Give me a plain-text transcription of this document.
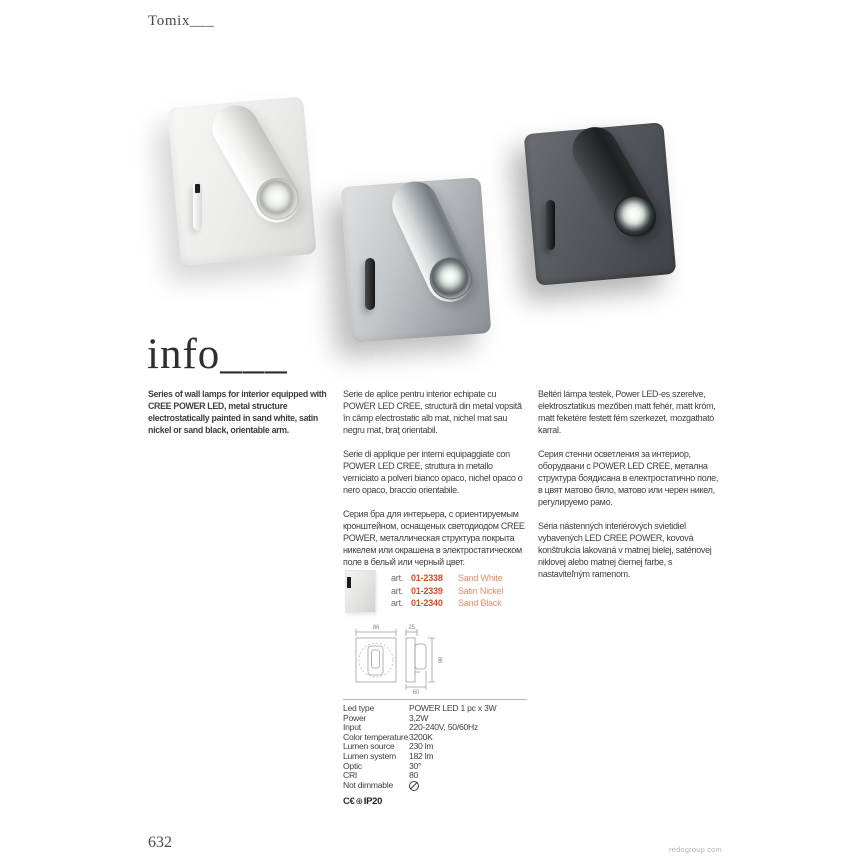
Tomix___
info___

Series of wall lamps for interior equipped with CREE POWER LED, metal structure electrostatically painted in sand white, satin nickel or sand black, orientable arm.

Serie de aplice pentru interior echipate cu POWER LED CREE, structură din metal vopsită în câmp electrostatic alb mat, nichel mat sau negru mat, braţ orientabil.

Serie di applique per interni equipaggiate con POWER LED CREE, struttura in metallo verniciato a polveri bianco opaco, nichel opaco o nero opaco, braccio orientabile.

Серия бра для интерьера, с ориентируемым кронштейном, оснащеных светодиодом CREE POWER, металлическая структура покрыта никелем или окрашена в электростатическом поле в белый или черный цвет.

Beltéri lámpa testek, Power LED-es szerelve, elektrosztatikus mezőben matt fehér, matt króm, matt feketére festett fém szerkezet, mozgatható karral.

Серия стенни осветления за интериор, оборудвани с POWER LED CREE, метална структура боядисана в електростатично поле, в цвят матово бяло, матово или черен никел, регулируемо рамо.

Séria nástenných interiérových svietidiel vybavených LED CREE POWER, kovová konštrukcia lakovaná v matnej bielej, saténovej niklovej alebo matnej čiernej farbe, s nastaviteľným ramenom.

art. 01-2338	Sand White
art. 01-2339	Satin Nickel
art. 01-2340	Sand Black
86	25
86
60
Led type	POWER LED 1 pc x 3W
Power	3,2W
Input	220-240V, 50/60Hz
Color temperature 3200K
Lumen source	230 lm
Lumen system	182 lm
Optic	30°
CRI	80
Not dimmable
C€ ⊕ IP20
632	redogroup.com
